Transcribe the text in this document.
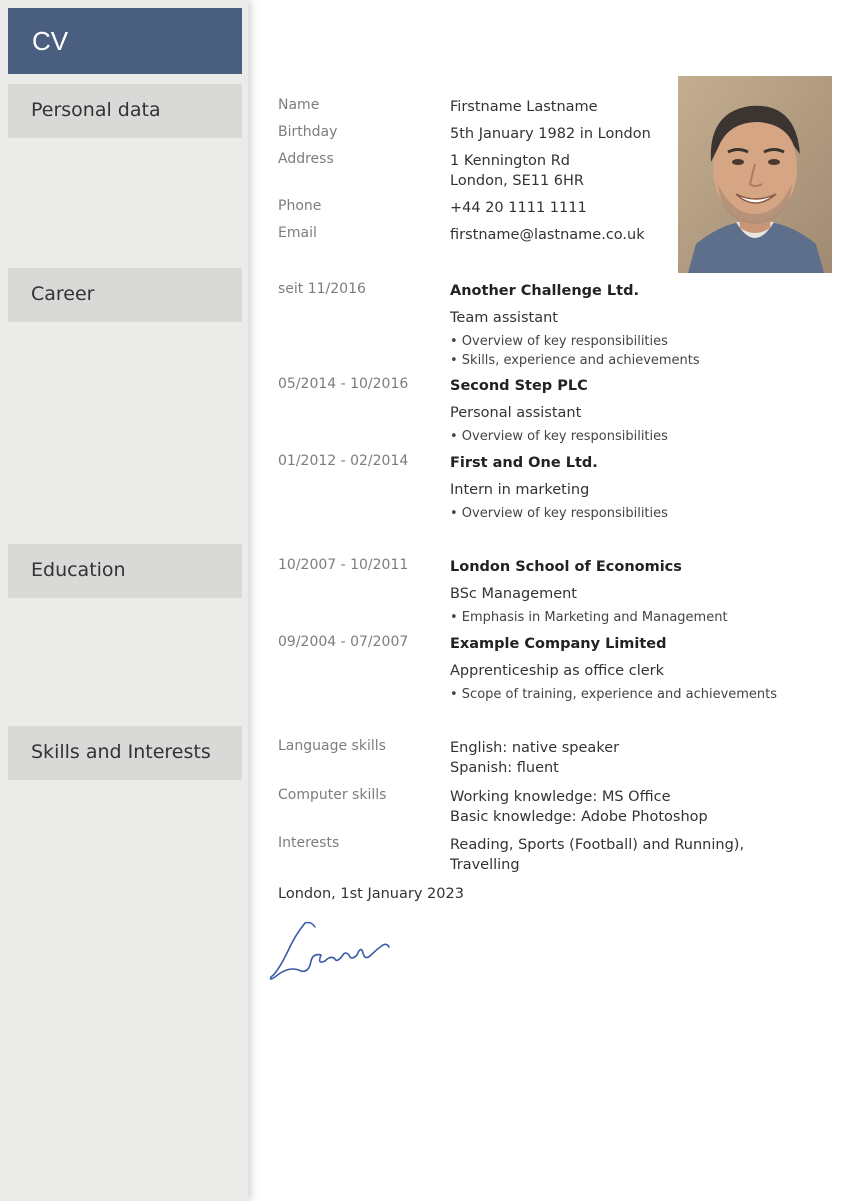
CV
Personal data
Career
Education
Skills and Interests
Name	Firstname Lastname
Birthday	5th January 1982 in London
Address	1 Kennington Rd
London, SE11 6HR
Phone	+44 20 1111 1111
Email	firstname@lastname.co.uk
seit 11/2016	Another Challenge Ltd.
Team assistant
• Overview of key responsibilities
• Skills, experience and achievements
05/2014 - 10/2016	Second Step PLC
Personal assistant
• Overview of key responsibilities
01/2012 - 02/2014	First and One Ltd.
Intern in marketing
• Overview of key responsibilities
10/2007 - 10/2011	London School of Economics
BSc Management
• Emphasis in Marketing and Management
09/2004 - 07/2007	Example Company Limited
Apprenticeship as office clerk
• Scope of training, experience and achievements
Language skills	English: native speaker
Spanish: fluent
Computer skills	Working knowledge: MS Office
Basic knowledge: Adobe Photoshop
Interests	Reading, Sports (Football) and Running), Travelling
London, 1st January 2023
